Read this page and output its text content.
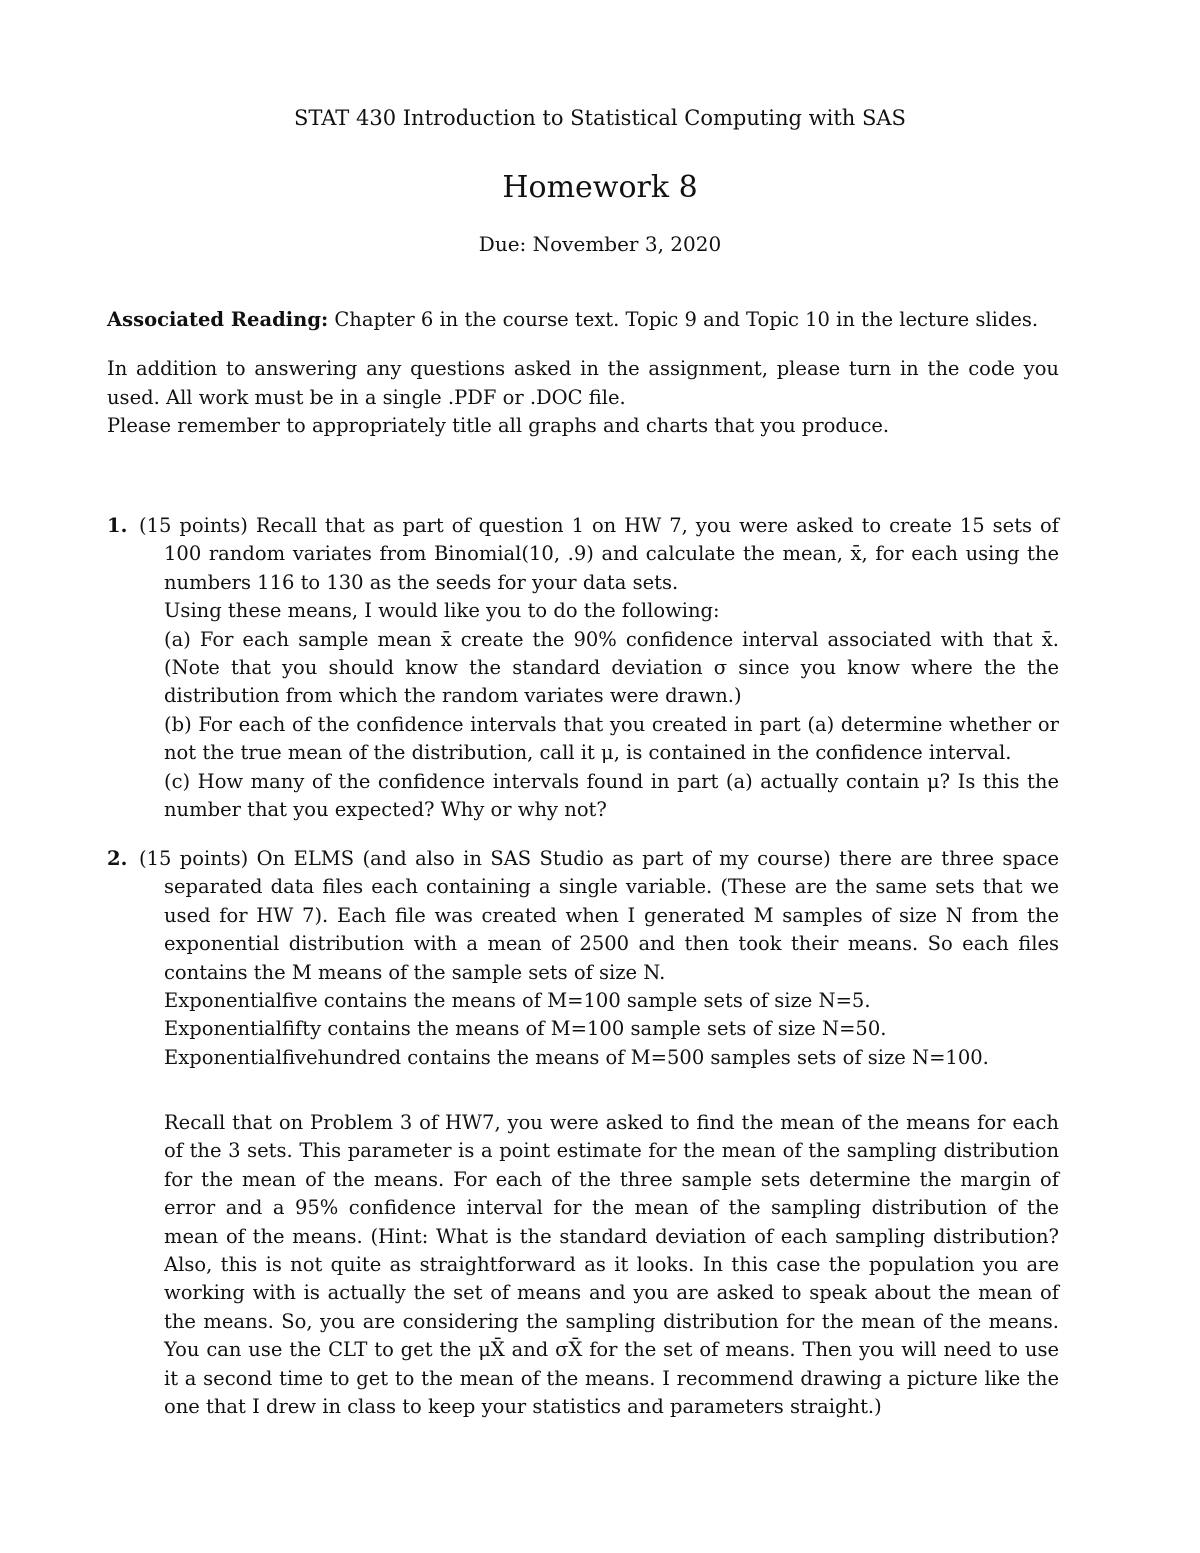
STAT 430 Introduction to Statistical Computing with SAS
Homework 8
Due: November 3, 2020
Associated Reading: Chapter 6 in the course text. Topic 9 and Topic 10 in the lecture slides.
In addition to answering any questions asked in the assignment, please turn in the code you used. All work must be in a single .PDF or .DOC file.
Please remember to appropriately title all graphs and charts that you produce.
1. (15 points) Recall that as part of question 1 on HW 7, you were asked to create 15 sets of 100 random variates from Binomial(10, .9) and calculate the mean, x̄, for each using the numbers 116 to 130 as the seeds for your data sets.
Using these means, I would like you to do the following:
(a) For each sample mean x̄ create the 90% confidence interval associated with that x̄. (Note that you should know the standard deviation σ since you know where the the distribution from which the random variates were drawn.)
(b) For each of the confidence intervals that you created in part (a) determine whether or not the true mean of the distribution, call it μ, is contained in the confidence interval.
(c) How many of the confidence intervals found in part (a) actually contain μ? Is this the number that you expected? Why or why not?
2. (15 points) On ELMS (and also in SAS Studio as part of my course) there are three space separated data files each containing a single variable. (These are the same sets that we used for HW 7). Each file was created when I generated M samples of size N from the exponential distribution with a mean of 2500 and then took their means. So each files contains the M means of the sample sets of size N.
Exponentialfive contains the means of M=100 sample sets of size N=5.
Exponentialfifty contains the means of M=100 sample sets of size N=50.
Exponentialfivehundred contains the means of M=500 samples sets of size N=100.
Recall that on Problem 3 of HW7, you were asked to find the mean of the means for each of the 3 sets. This parameter is a point estimate for the mean of the sampling distribution for the mean of the means. For each of the three sample sets determine the margin of error and a 95% confidence interval for the mean of the sampling distribution of the mean of the means. (Hint: What is the standard deviation of each sampling distribution? Also, this is not quite as straightforward as it looks. In this case the population you are working with is actually the set of means and you are asked to speak about the mean of the means. So, you are considering the sampling distribution for the mean of the means. You can use the CLT to get the μX̄ and σX̄ for the set of means. Then you will need to use it a second time to get to the mean of the means. I recommend drawing a picture like the one that I drew in class to keep your statistics and parameters straight.)
